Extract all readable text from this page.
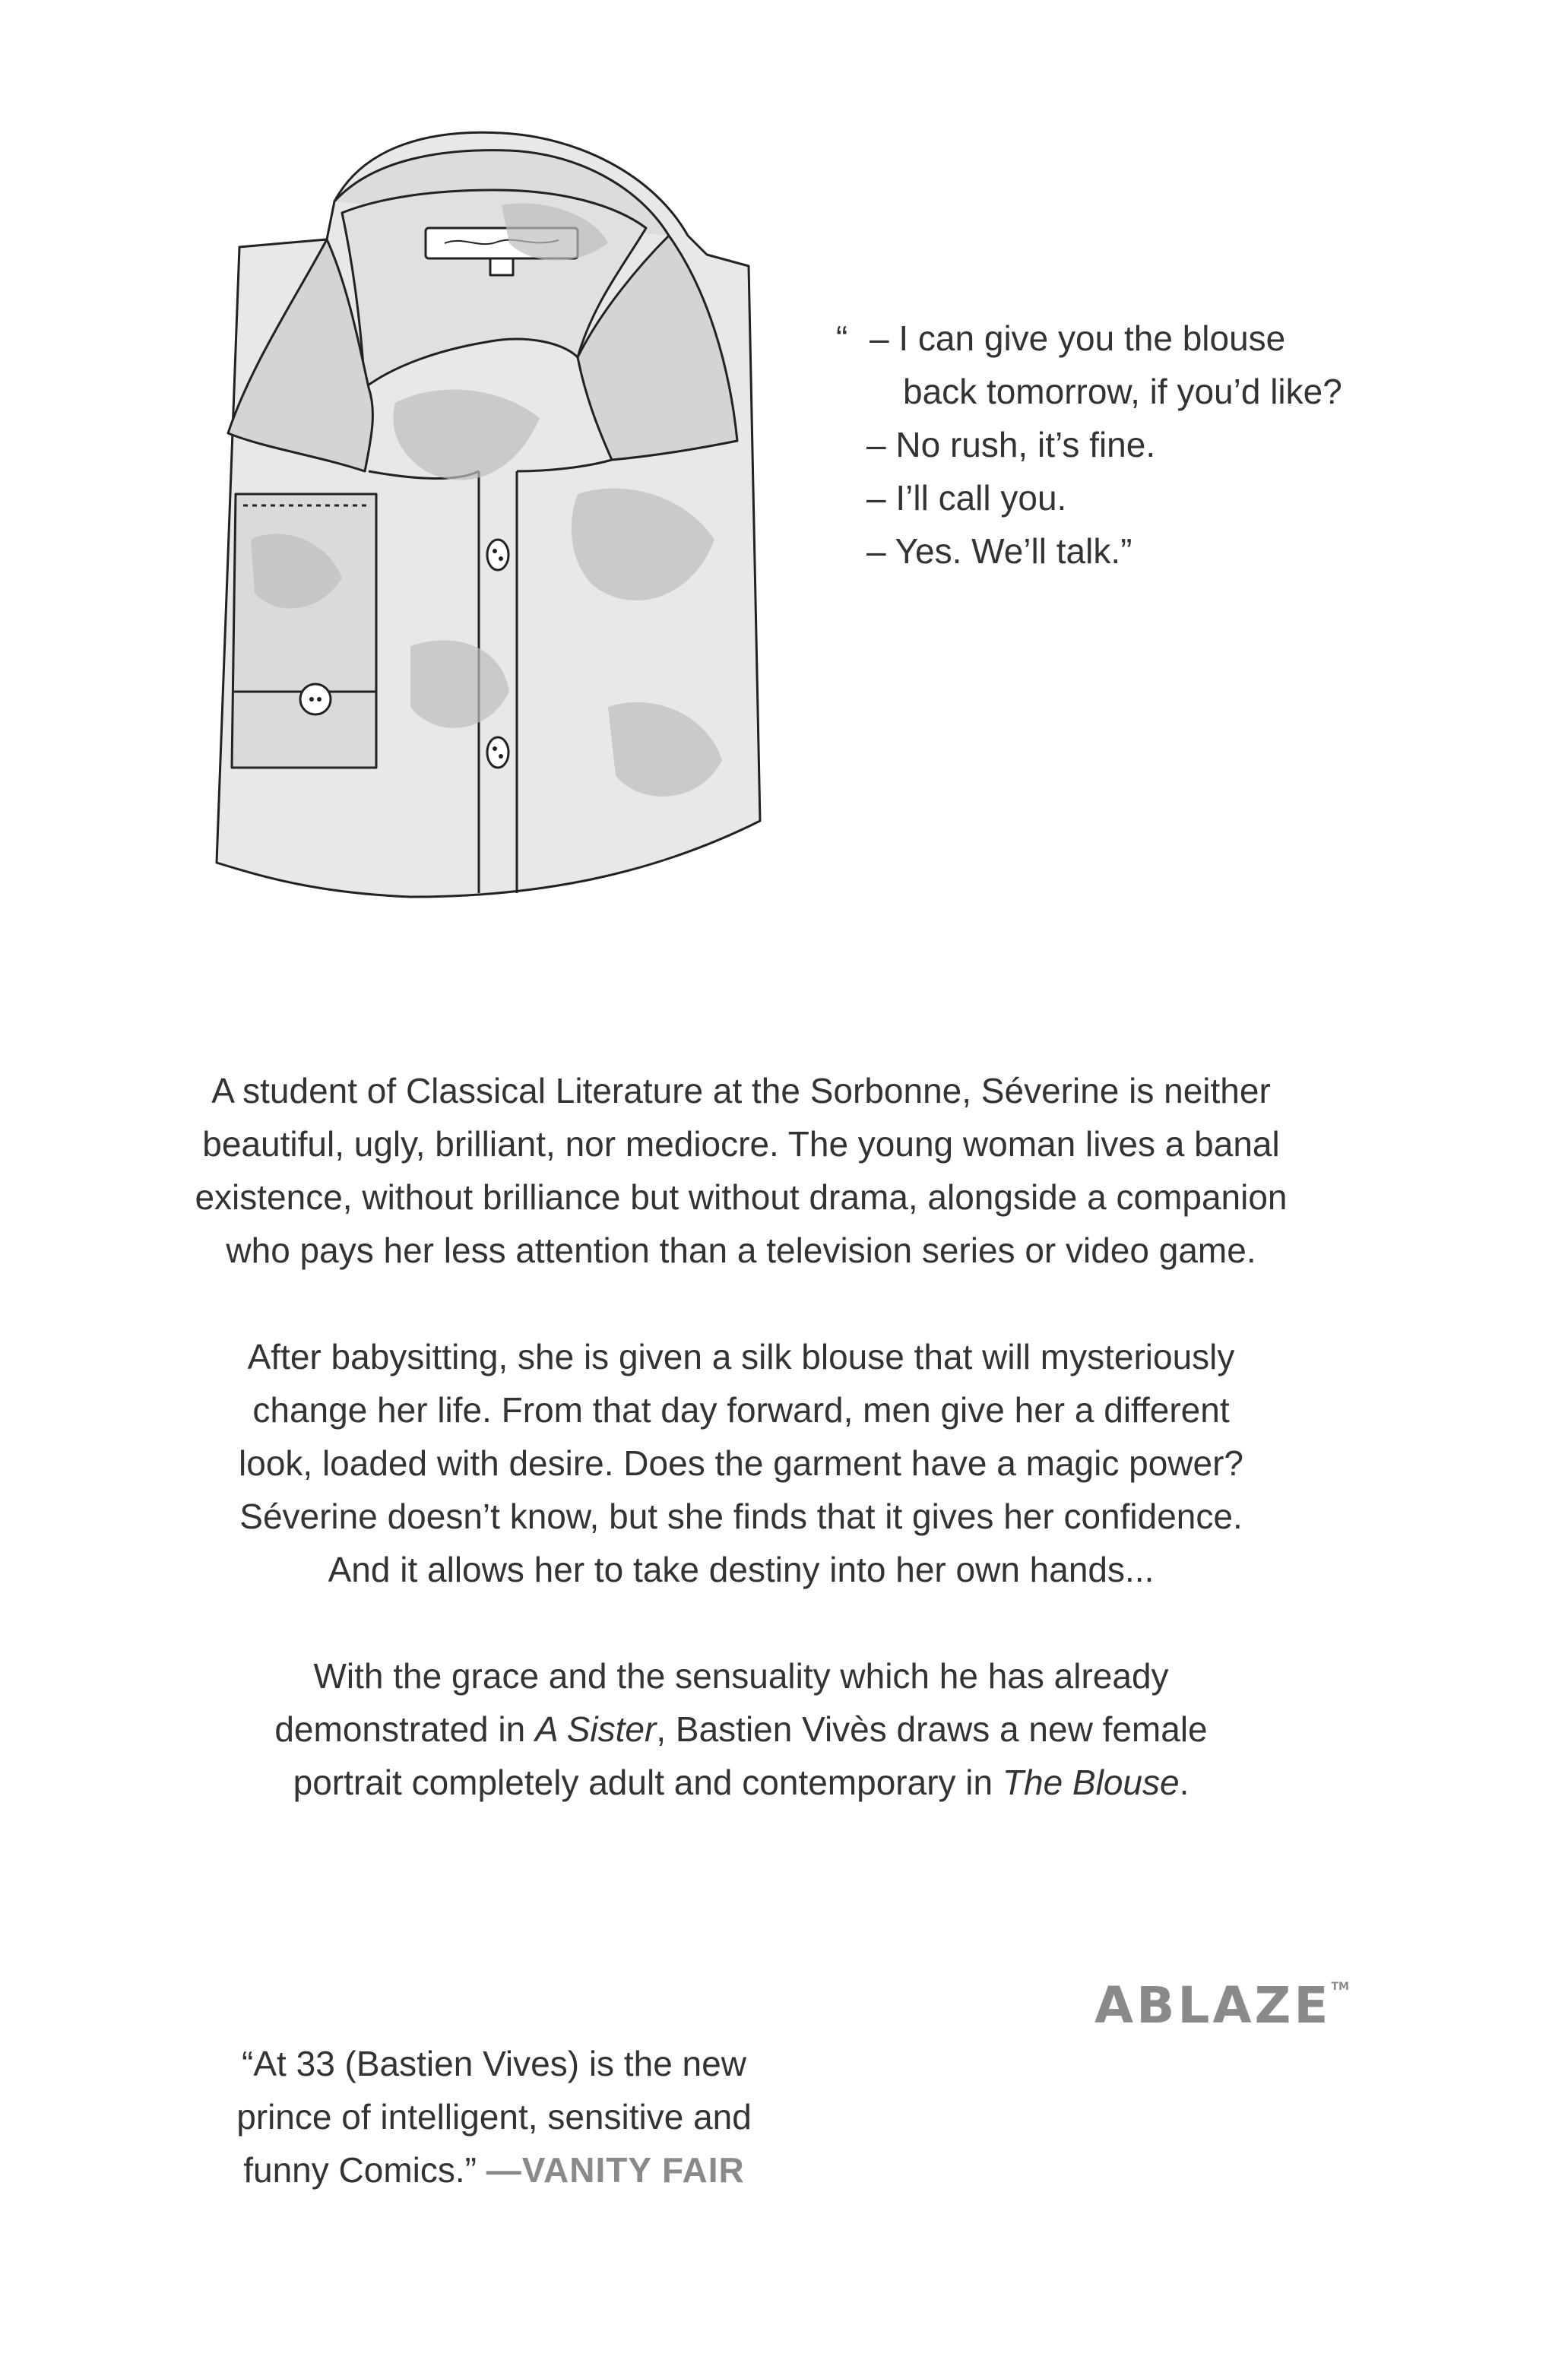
“ – I can give you the blouse

back tomorrow, if you’d like?
– No rush, it’s fine.
– I’ll call you.
– Yes. We’ll talk.”

A student of Classical Literature at the Sorbonne, Séverine is neither
beautiful, ugly, brilliant, nor mediocre. The young woman lives a banal
existence, without brilliance but without drama, alongside a companion
who pays her less attention than a television series or video game.

After babysitting, she is given a silk blouse that will mysteriously
change her life. From that day forward, men give her a different
look, loaded with desire. Does the garment have a magic power?
Séverine doesn’t know, but she finds that it gives her confidence.
And it allows her to take destiny into her own hands...

With the grace and the sensuality which he has already
demonstrated in A Sister, Bastien Vivès draws a new female
portrait completely adult and contemporary in The Blouse.

ABLAZE™
“At 33 (Bastien Vives) is the new
prince of intelligent, sensitive and
funny Comics.” —VANITY FAIR
